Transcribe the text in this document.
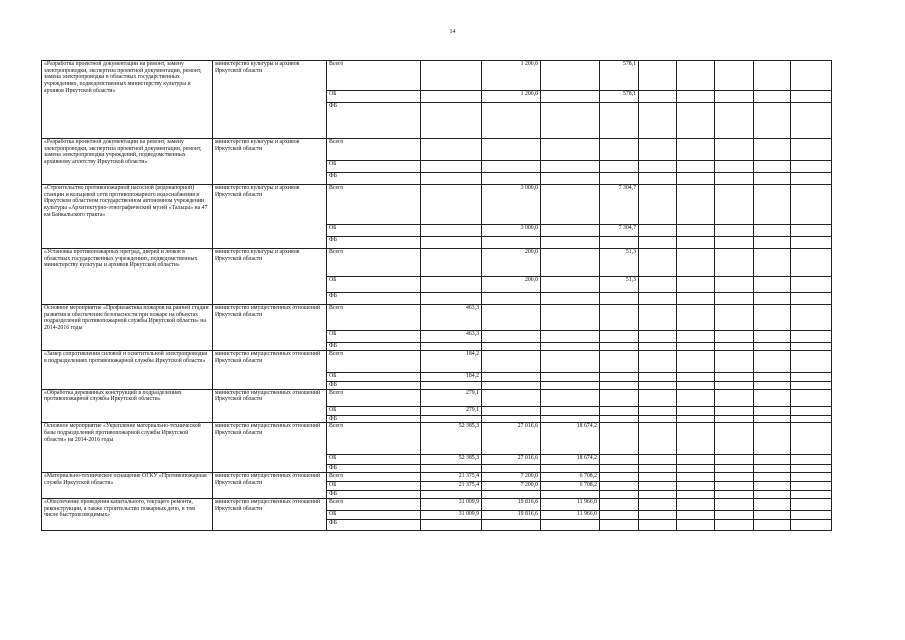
14
«Разработка проектной документации на ремонт, замену электропроводки, экспертиза проектной документации, ремонт, замена электропроводки в областных государственных учреждениях, подведомственных министерству культуры и архивов Иркутской области»	министерство культуры и архивов Иркутской области	Всего		1 200,0		578,1					
		ОБ		1 200,0		578,1					
		ФБ									
«Разработка проектной документации на ремонт, замену электропроводки, экспертиза проектной документации, ремонт, замена электропроводки учреждений, подведомственных архивному агентству Иркутской области»	министерство культуры и архивов Иркутской области	Всего									
		ОБ									
		ФБ									
«Строительство противопожарной насосной (водонапорной) станции и кольцевой сети противопожарного водоснабжения в Иркутском областном государственном автономном учреждении культуры «Архитектурно-этнографический музей «Тальцы» на 47 км Байкальского тракта»	министерство культуры и архивов Иркутской области	Всего		3 000,0		7 304,7					
		ОБ		3 000,0		7 304,7					
		ФБ									
«Установка противопожарных преград, дверей и люков в областных государственных учреждениях, подведомственных министерству культуры и архивов Иркутской области»	министерство культуры и архивов Иркутской области	Всего		200,0		51,3					
		ОБ		200,0		51,3					
		ФБ									
Основное мероприятие «Профилактика пожаров на ранней стадии развития и обеспечение безопасности при пожаре на объектах подразделений противопожарной службы Иркутской области» на 2014-2016 годы	министерство имущественных отношений Иркутской области	Всего	463,3								
		ОБ	463,3								
		ФБ									
«Замер сопротивления силовой и осветительной электропроводки в подразделениях противопожарной службы Иркутской области»	министерство имущественных отношений Иркутской области	Всего	184,2								
		ОБ	184,2								
		ФБ									
«Обработка деревянных конструкций в подразделениях противопожарной службы Иркутской области»	министерство имущественных отношений Иркутской области	Всего	279,1								
		ОБ	279,1								
		ФБ									
Основное мероприятие «Укрепление материально-технической базы подразделений противопожарной службы Иркутской области» на 2014-2016 годы	министерство имущественных отношений Иркутской области	Всего	52 385,3	27 016,6	18 674,2						
		ОБ	52 385,3	27 016,6	18 674,2						
		ФБ									
«Материально-техническое оснащение ОГКУ «Противопожарная служба Иркутской области»	министерство имущественных отношений Иркутской области	Всего	21 375,4	7 200,0	6 708,2						
		ОБ	21 375,4	7 200,0	6 708,2						
		ФБ									
«Обеспечение проведения капитального, текущего ремонта, реконструкции, а также строительство пожарных депо, в том числе быстровозводимых»	министерство имущественных отношений Иркутской области	Всего	31 009,9	19 816,6	11 966,0						
		ОБ	31 009,9	19 816,6	11 966,0						
		ФБ									
